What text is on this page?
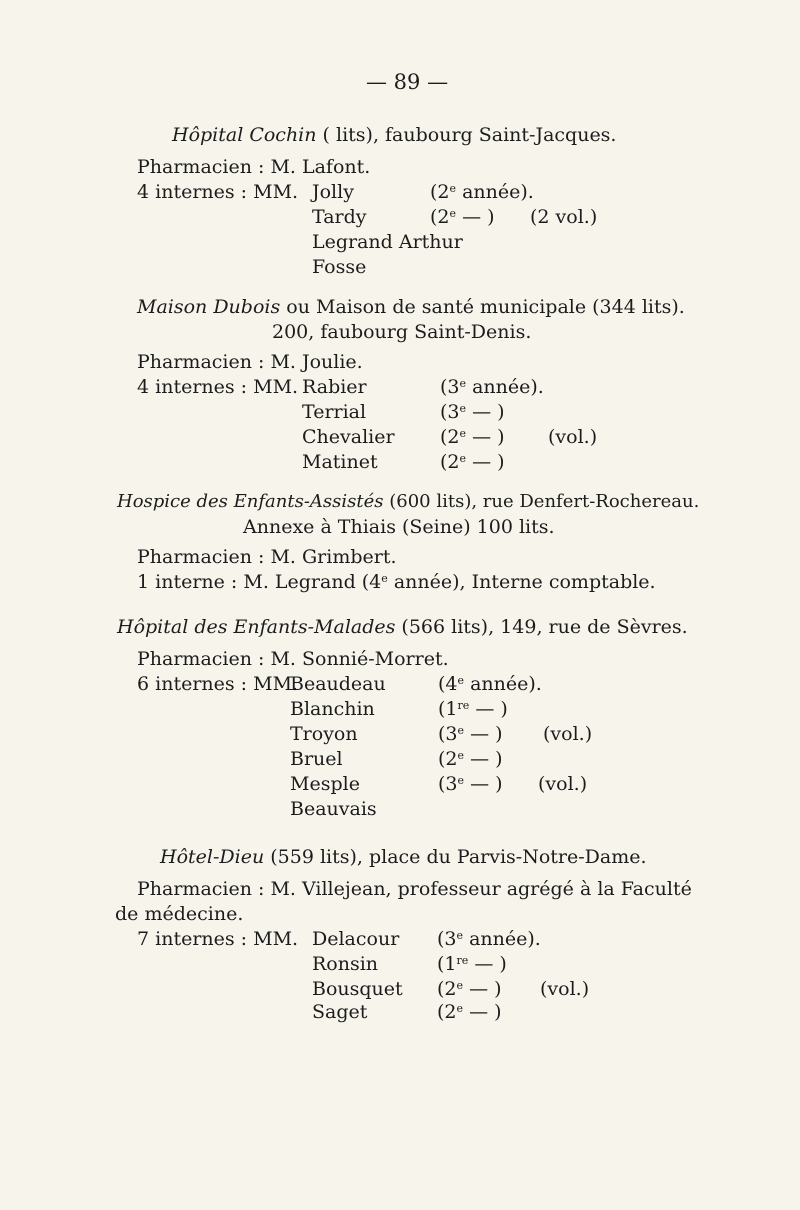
— 89 —
Hôpital Cochin ( lits), faubourg Saint-Jacques.
Pharmacien : M. Lafont.
4 internes : MM. Jolly	(2e année).
Tardy	(2e — ) (2 vol.)
Legrand Arthur
Fosse
Maison Dubois ou Maison de santé municipale (344 lits).
200, faubourg Saint-Denis.
Pharmacien : M. Joulie.
4 internes : MM. Rabier	(3e année).
Terrial	(3e — )
Chevalier (2e — ) (vol.)
Matinet	(2e — )
Hospice des Enfants-Assistés (600 lits), rue Denfert-Rochereau.
Annexe à Thiais (Seine) 100 lits.
Pharmacien : M. Grimbert.
1 interne : M. Legrand (4e année), Interne comptable.
Hôpital des Enfants-Malades (566 lits), 149, rue de Sèvres.
Pharmacien : M. Sonnié-Morret.
6 internes : MM.
Beaudeau	(4e année).
Blanchin	(1re — )
Troyon	(3e — ) (vol.)
Bruel	(2e — )
Mesple	(3e — ) (vol.)
Beauvais
Hôtel-Dieu (559 lits), place du Parvis-Notre-Dame.
Pharmacien : M. Villejean, professeur agrégé à la Faculté
de médecine.
7 internes : MM. Delacour (3e année).
Ronsin	(1re — )
Bousquet (2e — ) (vol.)
Saget	(2e — )
